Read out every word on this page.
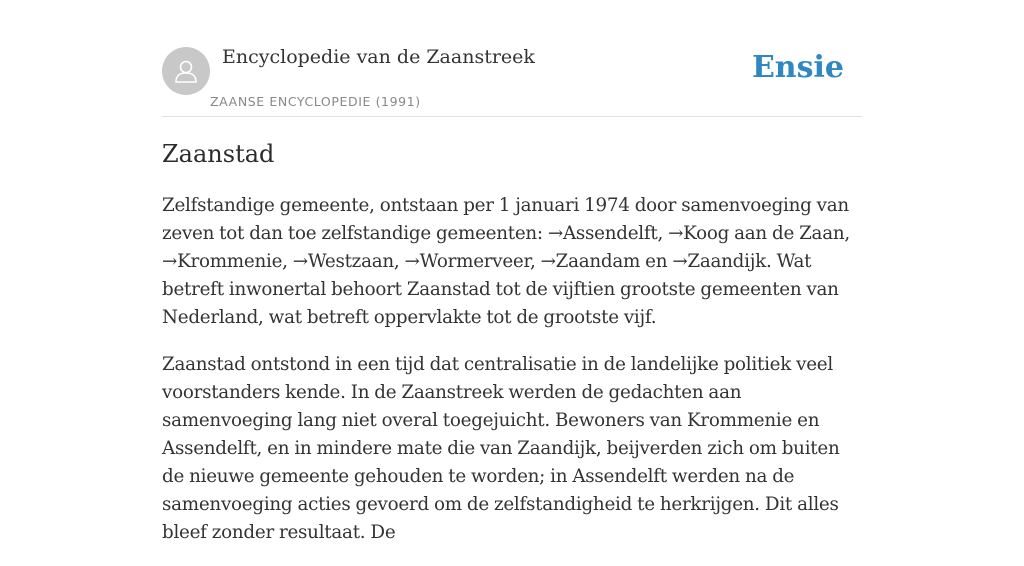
Encyclopedie van de Zaanstreek
ZAANSE ENCYCLOPEDIE (1991)
Ensie
Zaanstad

Zelfstandige gemeente, ontstaan per 1 januari 1974 door samenvoeging van zeven tot dan toe zelfstandige gemeenten: →Assendelft, →Koog aan de Zaan, →Krommenie, →Westzaan, →Wormerveer, →Zaandam en →Zaandijk. Wat betreft inwonertal behoort Zaanstad tot de vijftien grootste gemeenten van Nederland, wat betreft oppervlakte tot de grootste vijf.

Zaanstad ontstond in een tijd dat centralisatie in de landelijke politiek veel voorstanders kende. In de Zaanstreek werden de gedachten aan samenvoeging lang niet overal toegejuicht. Bewoners van Krommenie en Assendelft, en in mindere mate die van Zaandijk, beijverden zich om buiten de nieuwe gemeente gehouden te worden; in Assendelft werden na de samenvoeging acties gevoerd om de zelfstandigheid te herkrijgen. Dit alles bleef zonder resultaat. De
